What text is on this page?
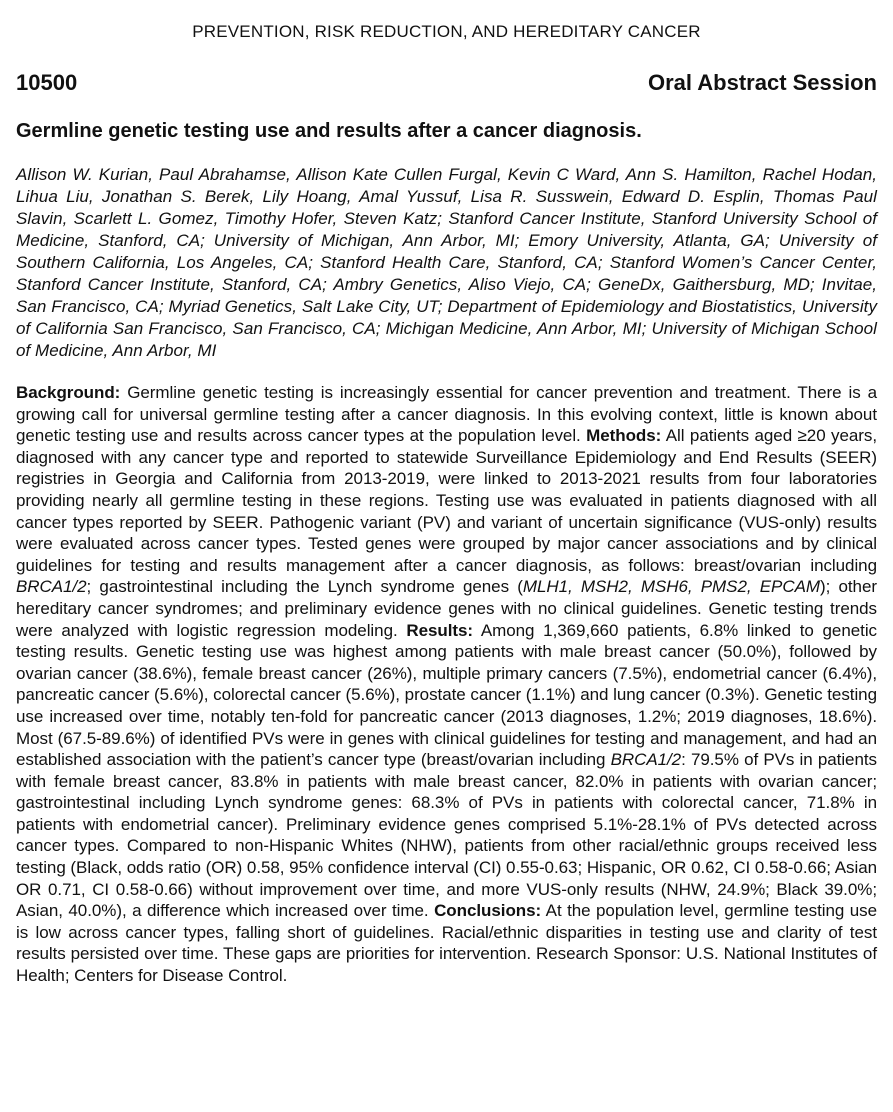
PREVENTION, RISK REDUCTION, AND HEREDITARY CANCER
10500	Oral Abstract Session
Germline genetic testing use and results after a cancer diagnosis.
Allison W. Kurian, Paul Abrahamse, Allison Kate Cullen Furgal, Kevin C Ward, Ann S. Hamilton, Rachel Hodan, Lihua Liu, Jonathan S. Berek, Lily Hoang, Amal Yussuf, Lisa R. Susswein, Edward D. Esplin, Thomas Paul Slavin, Scarlett L. Gomez, Timothy Hofer, Steven Katz; Stanford Cancer Institute, Stanford University School of Medicine, Stanford, CA; University of Michigan, Ann Arbor, MI; Emory University, Atlanta, GA; University of Southern California, Los Angeles, CA; Stanford Health Care, Stanford, CA; Stanford Women’s Cancer Center, Stanford Cancer Institute, Stanford, CA; Ambry Genetics, Aliso Viejo, CA; GeneDx, Gaithersburg, MD; Invitae, San Francisco, CA; Myriad Genetics, Salt Lake City, UT; Department of Epidemiology and Biostatistics, University of California San Francisco, San Francisco, CA; Michigan Medicine, Ann Arbor, MI; University of Michigan School of Medicine, Ann Arbor, MI
Background: Germline genetic testing is increasingly essential for cancer prevention and treatment. There is a growing call for universal germline testing after a cancer diagnosis. In this evolving context, little is known about genetic testing use and results across cancer types at the population level. Methods: All patients aged ≥20 years, diagnosed with any cancer type and reported to statewide Surveillance Epidemiology and End Results (SEER) registries in Georgia and California from 2013-2019, were linked to 2013-2021 results from four laboratories providing nearly all germline testing in these regions. Testing use was evaluated in patients diagnosed with all cancer types reported by SEER. Pathogenic variant (PV) and variant of uncertain significance (VUS-only) results were evaluated across cancer types. Tested genes were grouped by major cancer associations and by clinical guidelines for testing and results management after a cancer diagnosis, as follows: breast/ovarian including BRCA1/2; gastrointestinal including the Lynch syndrome genes (MLH1, MSH2, MSH6, PMS2, EPCAM); other hereditary cancer syndromes; and preliminary evidence genes with no clinical guidelines. Genetic testing trends were analyzed with logistic regression modeling. Results: Among 1,369,660 patients, 6.8% linked to genetic testing results. Genetic testing use was highest among patients with male breast cancer (50.0%), followed by ovarian cancer (38.6%), female breast cancer (26%), multiple primary cancers (7.5%), endometrial cancer (6.4%), pancreatic cancer (5.6%), colorectal cancer (5.6%), prostate cancer (1.1%) and lung cancer (0.3%). Genetic testing use increased over time, notably ten-fold for pancreatic cancer (2013 diagnoses, 1.2%; 2019 diagnoses, 18.6%). Most (67.5-89.6%) of identified PVs were in genes with clinical guidelines for testing and management, and had an established association with the patient’s cancer type (breast/ovarian including BRCA1/2: 79.5% of PVs in patients with female breast cancer, 83.8% in patients with male breast cancer, 82.0% in patients with ovarian cancer; gastrointestinal including Lynch syndrome genes: 68.3% of PVs in patients with colorectal cancer, 71.8% in patients with endometrial cancer). Preliminary evidence genes comprised 5.1%-28.1% of PVs detected across cancer types. Compared to non-Hispanic Whites (NHW), patients from other racial/ethnic groups received less testing (Black, odds ratio (OR) 0.58, 95% confidence interval (CI) 0.55-0.63; Hispanic, OR 0.62, CI 0.58-0.66; Asian OR 0.71, CI 0.58-0.66) without improvement over time, and more VUS-only results (NHW, 24.9%; Black 39.0%; Asian, 40.0%), a difference which increased over time. Conclusions: At the population level, germline testing use is low across cancer types, falling short of guidelines. Racial/ethnic disparities in testing use and clarity of test results persisted over time. These gaps are priorities for intervention. Research Sponsor: U.S. National Institutes of Health; Centers for Disease Control.
